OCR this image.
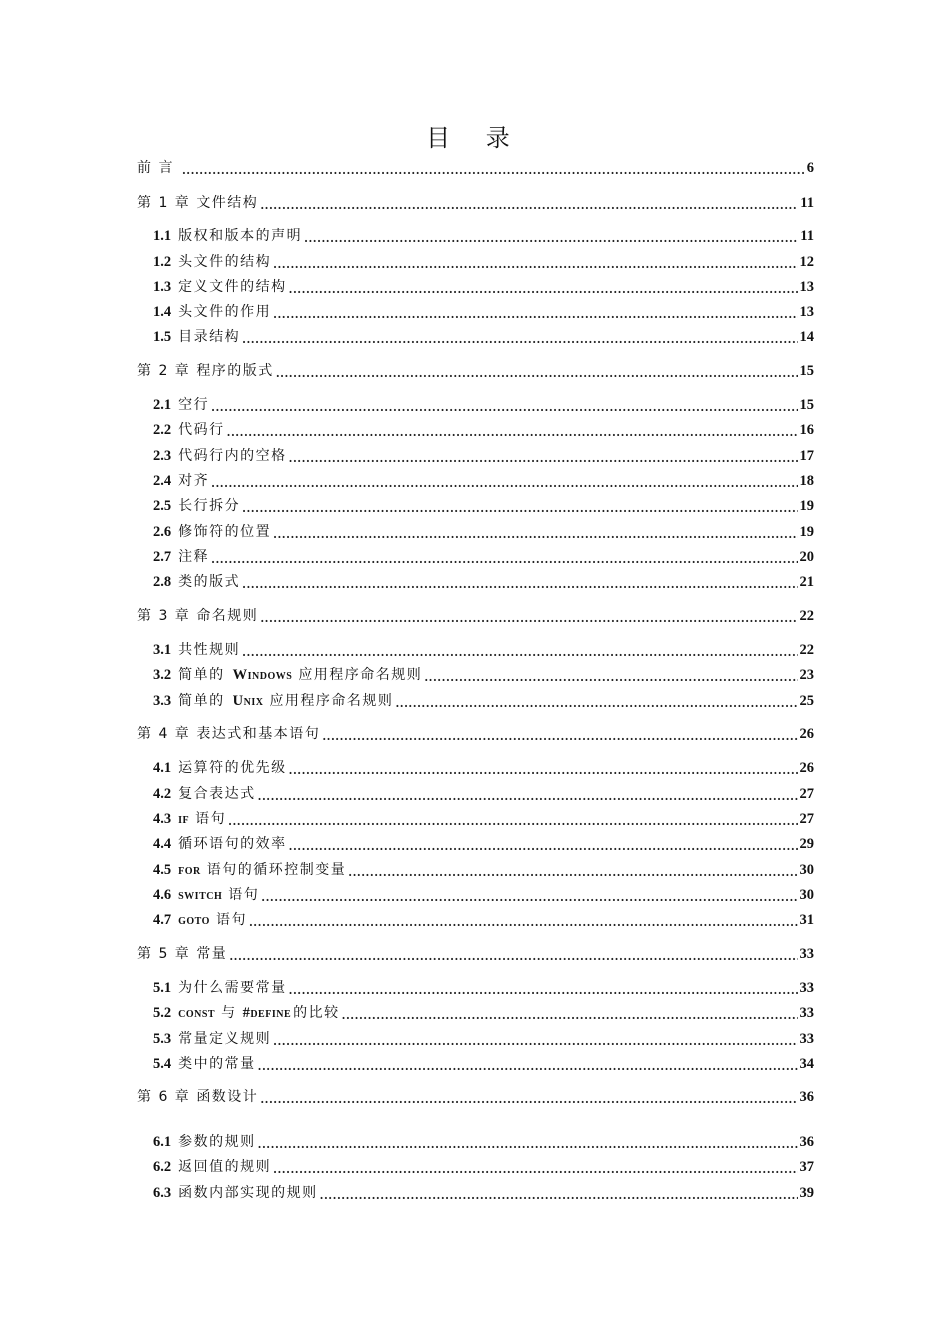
目 录
前 言 .....	6
第 1 章 文件结构 .....	11
1.1 版权和版本的声明 .....	11
1.2 头文件的结构 .....	12
1.3 定义文件的结构 .....	13
1.4 头文件的作用 .....	13
1.5 目录结构 .....	14
第 2 章 程序的版式 .....	15
2.1 空行 .....	15
2.2 代码行 .....	16
2.3 代码行内的空格 .....	17
2.4 对齐 .....	18
2.5 长行拆分 .....	19
2.6 修饰符的位置 .....	19
2.7 注释 .....	20
2.8 类的版式 .....	21
第 3 章 命名规则 .....	22
3.1 共性规则 .....	22
3.2 简单的 Windows 应用程序命名规则 .....	23
3.3 简单的 Unix 应用程序命名规则 .....	25
第 4 章 表达式和基本语句 .....	26
4.1 运算符的优先级 .....	26
4.2 复合表达式 .....	27
4.3 if 语句 .....	27
4.4 循环语句的效率 .....	29
4.5 for 语句的循环控制变量 .....	30
4.6 switch 语句 .....	30
4.7 goto 语句 .....	31
第 5 章 常量 .....	33
5.1 为什么需要常量 .....	33
5.2 const 与 #define 的比较 .....	33
5.3 常量定义规则 .....	33
5.4 类中的常量 .....	34
第 6 章 函数设计 .....	36
6.1 参数的规则 .....	36
6.2 返回值的规则 .....	37
6.3 函数内部实现的规则 .....	39
